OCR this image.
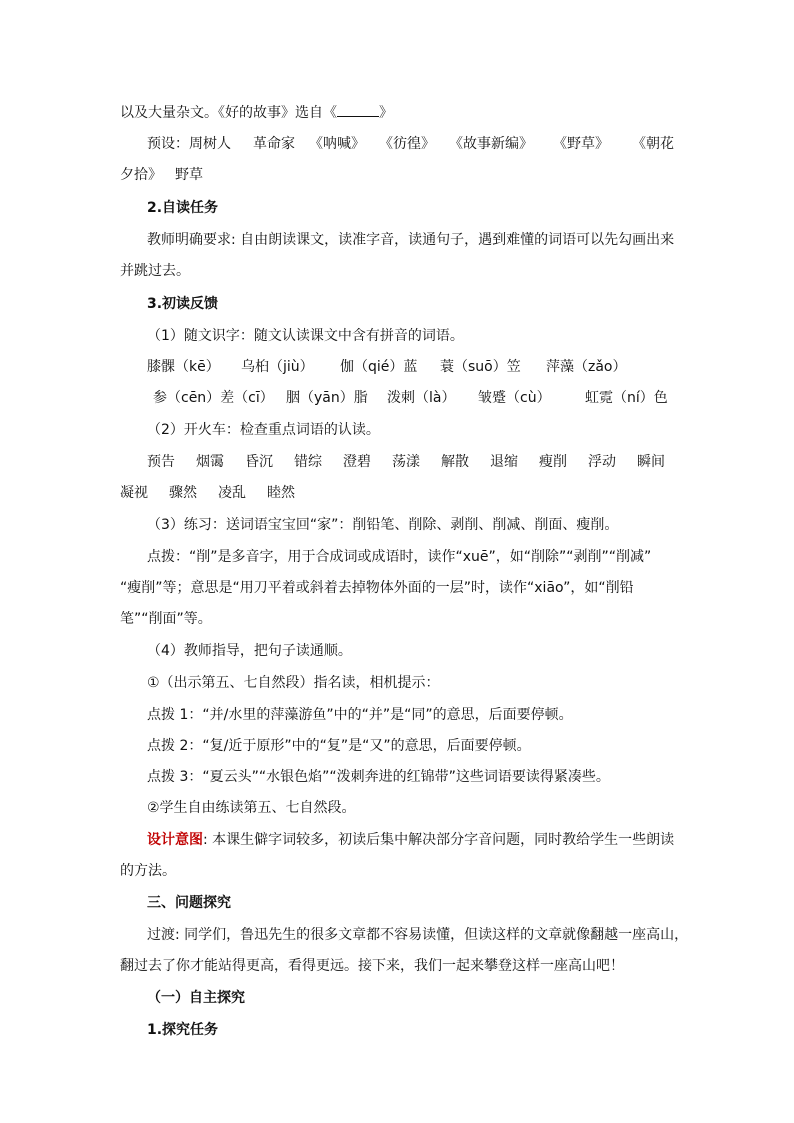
以及大量杂文。《好的故事》选自《	》
预设：周树人 革命家 《呐喊》 《彷徨》 《故事新编》 《野草》 《朝花
夕拾》 野草
2.自读任务
教师明确要求: 自由朗读课文，读准字音，读通句子，遇到难懂的词语可以先勾画出来
并跳过去。
3.初读反馈
（1）随文识字：随文认读课文中含有拼音的词语。
膝髁（kē） 乌桕（jiù） 伽（qié）蓝 蓑（suō）笠 萍藻（zǎo）
参（cēn）差（cī） 胭（yān）脂 泼刺（là） 皱蹙（cù） 虹霓（ní）色
（2）开火车：检查重点词语的认读。
预告 烟霭 昏沉 错综 澄碧 荡漾 解散 退缩 瘦削 浮动 瞬间
凝视 骤然 凌乱 睦然
（3）练习：送词语宝宝回“家”：削铅笔、削除、剥削、削减、削面、瘦削。
点拨：“削”是多音字，用于合成词或成语时，读作“xuē”，如“削除”“剥削”“削减”
“瘦削”等；意思是“用刀平着或斜着去掉物体外面的一层”时，读作“xiāo”，如“削铅
笔”“削面”等。
（4）教师指导，把句子读通顺。
①（出示第五、七自然段）指名读，相机提示：
点拨 1：“并/水里的萍藻游鱼”中的“并”是“同”的意思，后面要停顿。
点拨 2：“复/近于原形”中的“复”是“又”的意思，后面要停顿。
点拨 3：“夏云头”“水银色焰”“泼刺奔进的红锦带”这些词语要读得紧凑些。
②学生自由练读第五、七自然段。
设计意图: 本课生僻字词较多，初读后集中解决部分字音问题，同时教给学生一些朗读
的方法。
三、问题探究
过渡: 同学们，鲁迅先生的很多文章都不容易读懂，但读这样的文章就像翻越一座高山，
翻过去了你才能站得更高，看得更远。接下来，我们一起来攀登这样一座高山吧！
（一）自主探究
1.探究任务
